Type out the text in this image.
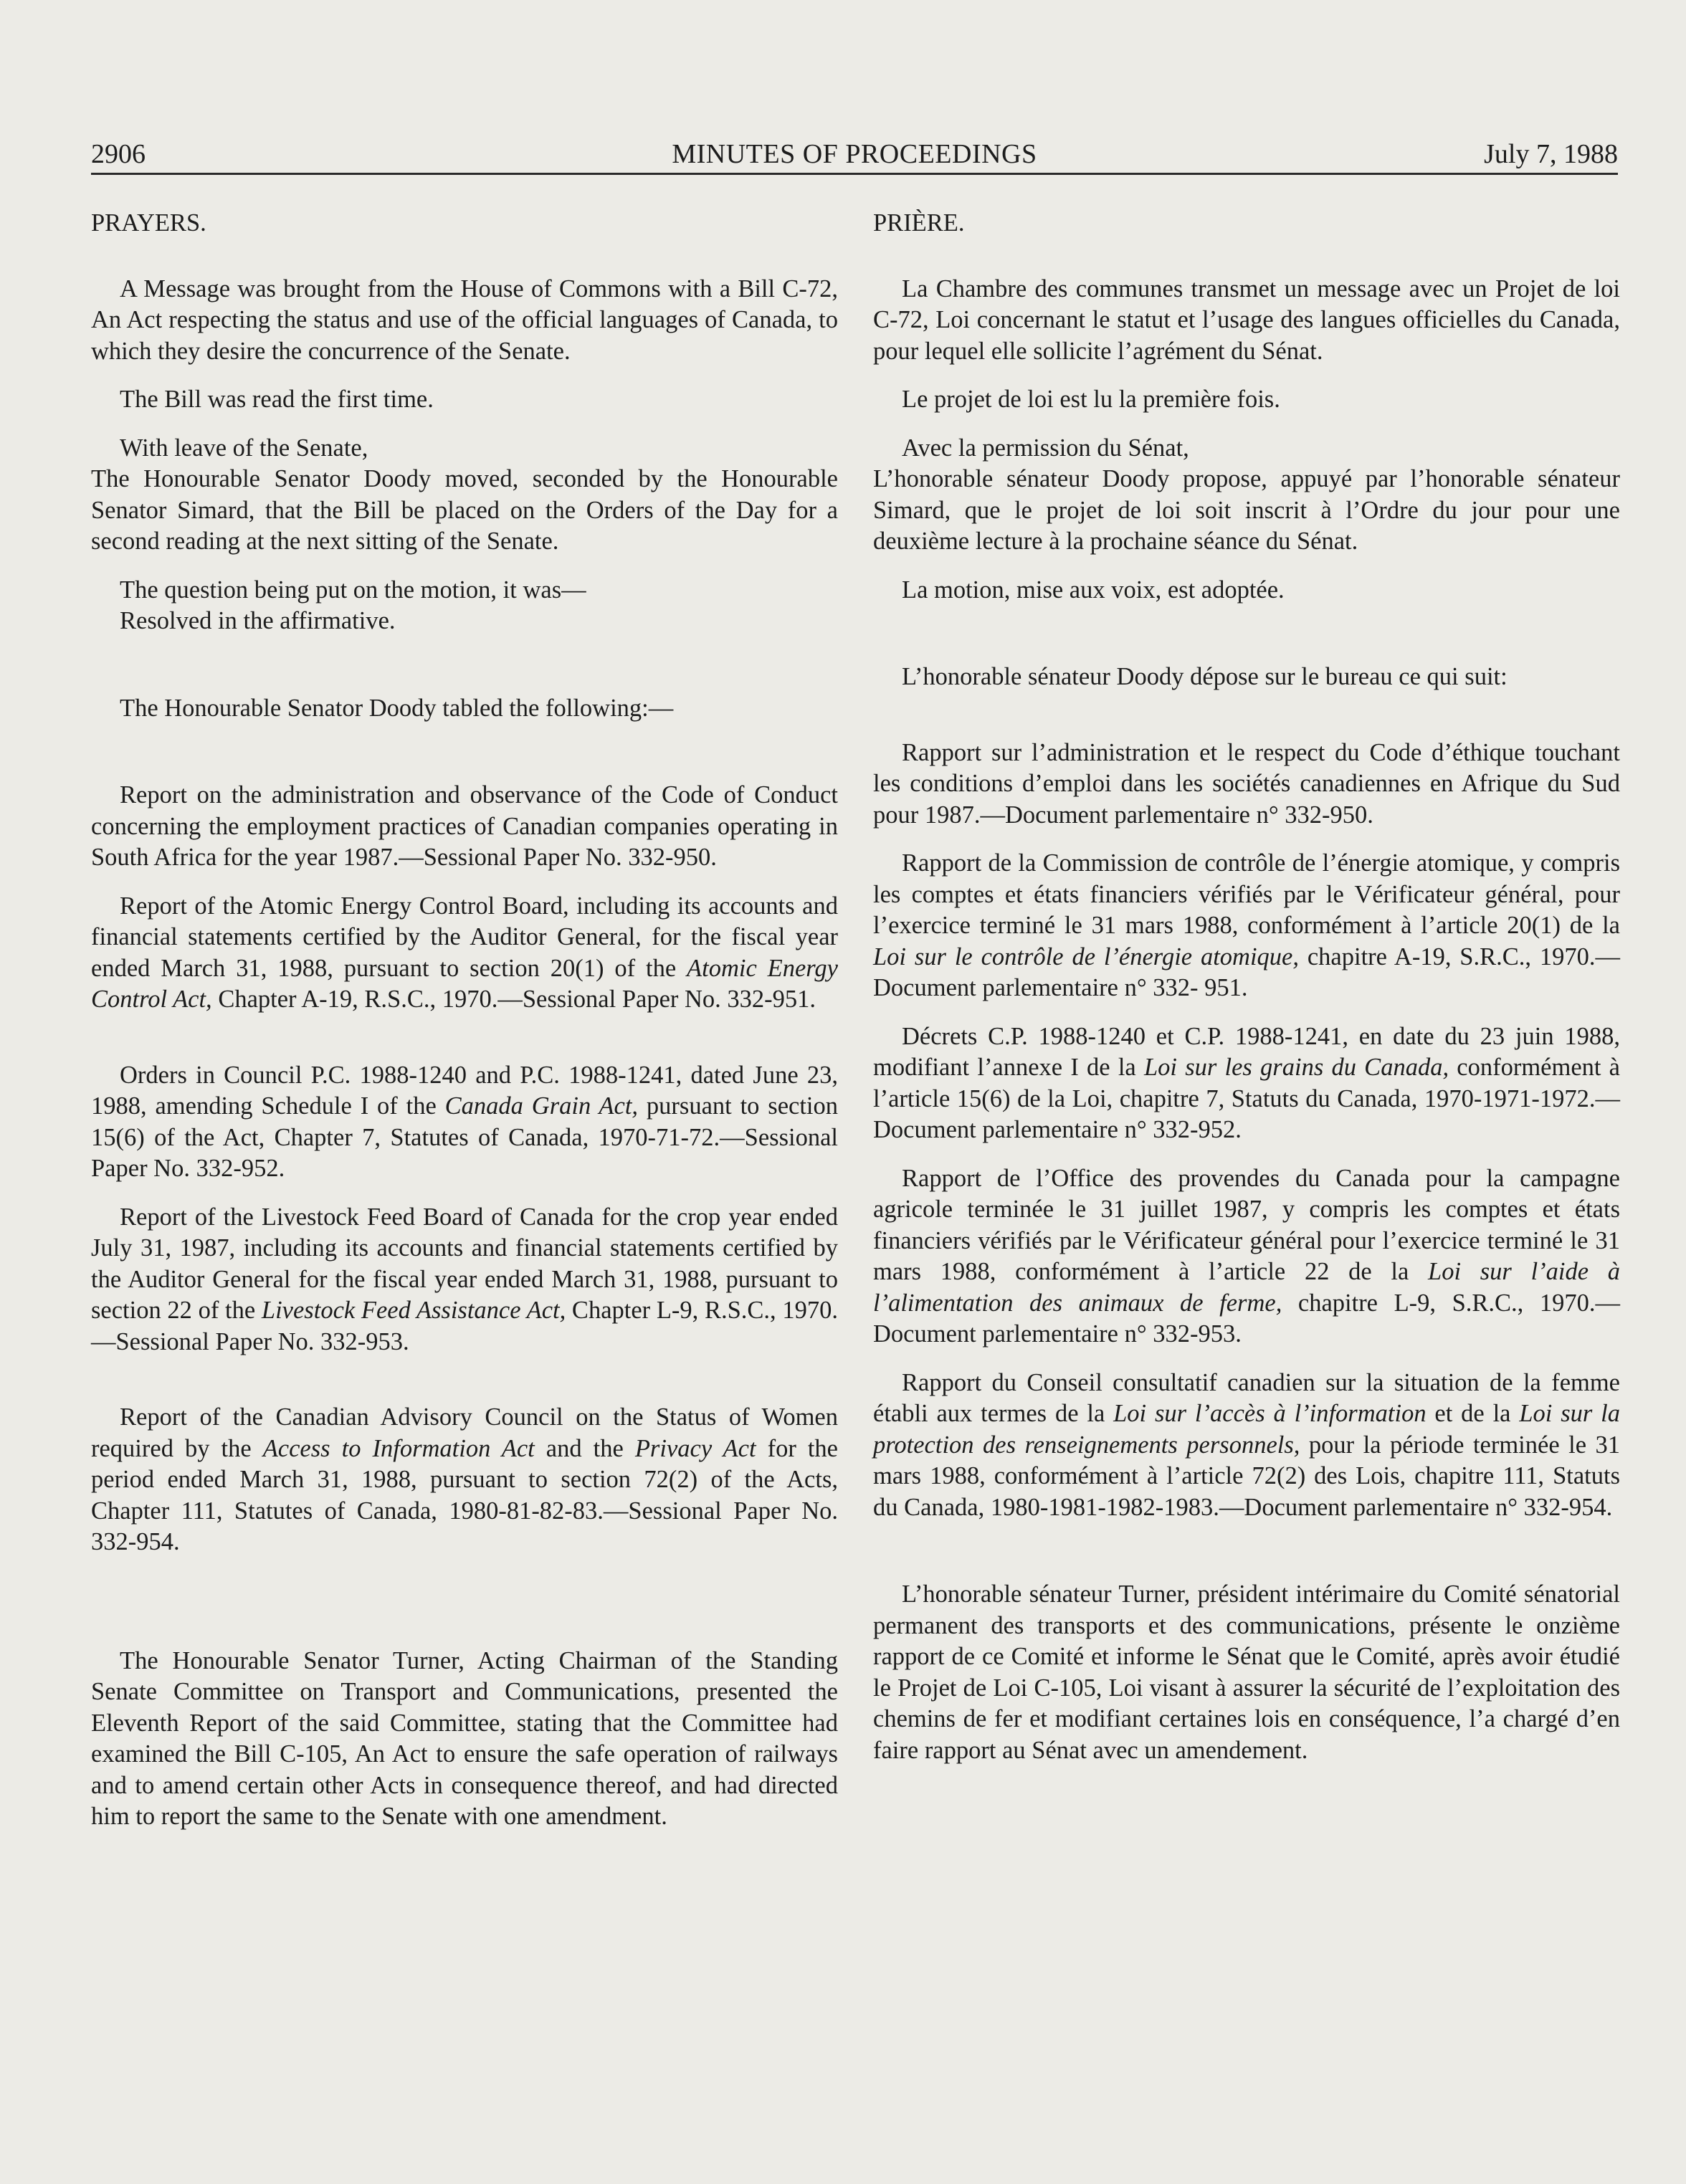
2906	MINUTES OF PROCEEDINGS	July 7, 1988

PRAYERS.

A Message was brought from the House of Commons with a Bill C-72, An Act respecting the status and use of the official languages of Canada, to which they desire the concurrence of the Senate.

The Bill was read the first time.

With leave of the Senate,
The Honourable Senator Doody moved, seconded by the Honourable Senator Simard, that the Bill be placed on the Orders of the Day for a second reading at the next sitting of the Senate.

The question being put on the motion, it was—
Resolved in the affirmative.

The Honourable Senator Doody tabled the following:—

Report on the administration and observance of the Code of Conduct concerning the employment practices of Canadian companies operating in South Africa for the year 1987.—Sessional Paper No. 332-950.

Report of the Atomic Energy Control Board, including its accounts and financial statements certified by the Auditor General, for the fiscal year ended March 31, 1988, pursuant to section 20(1) of the Atomic Energy Control Act, Chapter A-19, R.S.C., 1970.—Sessional Paper No. 332-951.

Orders in Council P.C. 1988-1240 and P.C. 1988-1241, dated June 23, 1988, amending Schedule I of the Canada Grain Act, pursuant to section 15(6) of the Act, Chapter 7, Statutes of Canada, 1970-71-72.—Sessional Paper No. 332-952.

Report of the Livestock Feed Board of Canada for the crop year ended July 31, 1987, including its accounts and financial statements certified by the Auditor General for the fiscal year ended March 31, 1988, pursuant to section 22 of the Livestock Feed Assistance Act, Chapter L-9, R.S.C., 1970.—Sessional Paper No. 332-953.

Report of the Canadian Advisory Council on the Status of Women required by the Access to Information Act and the Privacy Act for the period ended March 31, 1988, pursuant to section 72(2) of the Acts, Chapter 111, Statutes of Canada, 1980-81-82-83.—Sessional Paper No. 332-954.

The Honourable Senator Turner, Acting Chairman of the Standing Senate Committee on Transport and Communications, presented the Eleventh Report of the said Committee, stating that the Committee had examined the Bill C-105, An Act to ensure the safe operation of railways and to amend certain other Acts in consequence thereof, and had directed him to report the same to the Senate with one amendment.

PRIÈRE.

La Chambre des communes transmet un message avec un Projet de loi C-72, Loi concernant le statut et l’usage des langues officielles du Canada, pour lequel elle sollicite l’agrément du Sénat.

Le projet de loi est lu la première fois.

Avec la permission du Sénat,
L’honorable sénateur Doody propose, appuyé par l’honorable sénateur Simard, que le projet de loi soit inscrit à l’Ordre du jour pour une deuxième lecture à la prochaine séance du Sénat.

La motion, mise aux voix, est adoptée.

L’honorable sénateur Doody dépose sur le bureau ce qui suit:

Rapport sur l’administration et le respect du Code d’éthique touchant les conditions d’emploi dans les sociétés canadiennes en Afrique du Sud pour 1987.—Document parlementaire n° 332-950.

Rapport de la Commission de contrôle de l’énergie atomique, y compris les comptes et états financiers vérifiés par le Vérificateur général, pour l’exercice terminé le 31 mars 1988, conformément à l’article 20(1) de la Loi sur le contrôle de l’énergie atomique, chapitre A-19, S.R.C., 1970.—Document parlementaire n° 332- 951.

Décrets C.P. 1988-1240 et C.P. 1988-1241, en date du 23 juin 1988, modifiant l’annexe I de la Loi sur les grains du Canada, conformément à l’article 15(6) de la Loi, chapitre 7, Statuts du Canada, 1970-1971-1972.—Document parlementaire n° 332-952.

Rapport de l’Office des provendes du Canada pour la campagne agricole terminée le 31 juillet 1987, y compris les comptes et états financiers vérifiés par le Vérificateur général pour l’exercice terminé le 31 mars 1988, conformément à l’article 22 de la Loi sur l’aide à l’alimentation des animaux de ferme, chapitre L-9, S.R.C., 1970.—Document parlementaire n° 332-953.

Rapport du Conseil consultatif canadien sur la situation de la femme établi aux termes de la Loi sur l’accès à l’information et de la Loi sur la protection des renseignements personnels, pour la période terminée le 31 mars 1988, conformément à l’article 72(2) des Lois, chapitre 111, Statuts du Canada, 1980-1981-1982-1983.—Document parlementaire n° 332-954.

L’honorable sénateur Turner, président intérimaire du Comité sénatorial permanent des transports et des communications, présente le onzième rapport de ce Comité et informe le Sénat que le Comité, après avoir étudié le Projet de Loi C-105, Loi visant à assurer la sécurité de l’exploitation des chemins de fer et modifiant certaines lois en conséquence, l’a chargé d’en faire rapport au Sénat avec un amendement.
